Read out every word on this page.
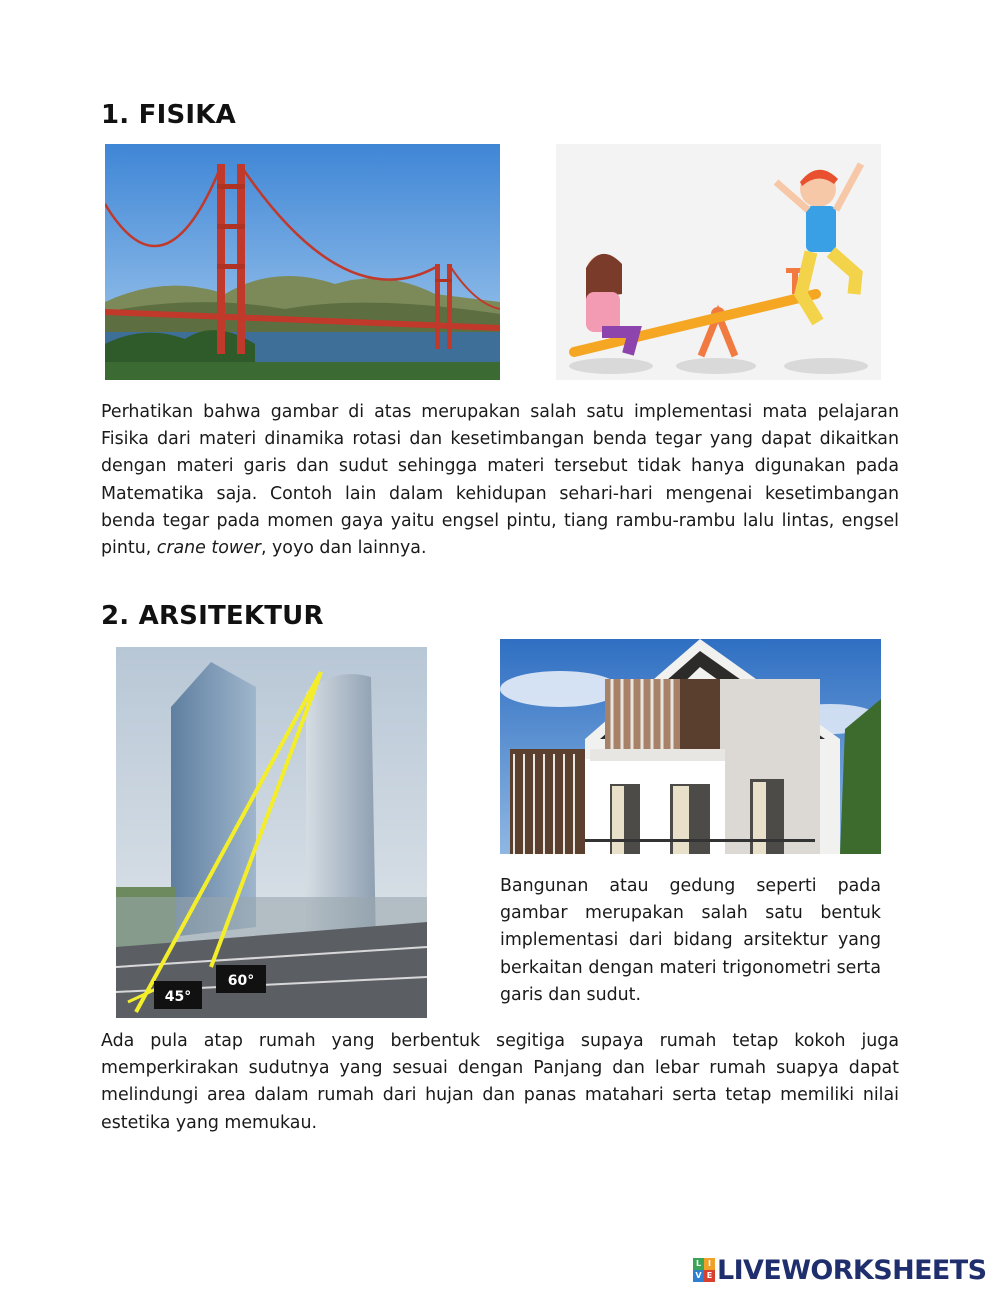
1. FISIKA

Perhatikan bahwa gambar di atas merupakan salah satu implementasi mata pelajaran Fisika dari materi dinamika rotasi dan kesetimbangan benda tegar yang dapat dikaitkan dengan materi garis dan sudut sehingga materi tersebut tidak hanya digunakan pada Matematika saja. Contoh lain dalam kehidupan sehari-hari mengenai kesetimbangan benda tegar pada momen gaya yaitu engsel pintu, tiang rambu-rambu lalu lintas, engsel pintu, crane tower, yoyo dan lainnya.

2. ARSITEKTUR
45°
60°

Bangunan atau gedung seperti pada gambar merupakan salah satu bentuk implementasi dari bidang arsitektur yang berkaitan dengan materi trigonometri serta garis dan sudut.

Ada pula atap rumah yang berbentuk segitiga supaya rumah tetap kokoh juga memperkirakan sudutnya yang sesuai dengan Panjang dan lebar rumah suapya dapat melindungi area dalam rumah dari hujan dan panas matahari serta tetap memiliki nilai estetika yang memukau.

L I
V E LIVEWORKSHEETS
